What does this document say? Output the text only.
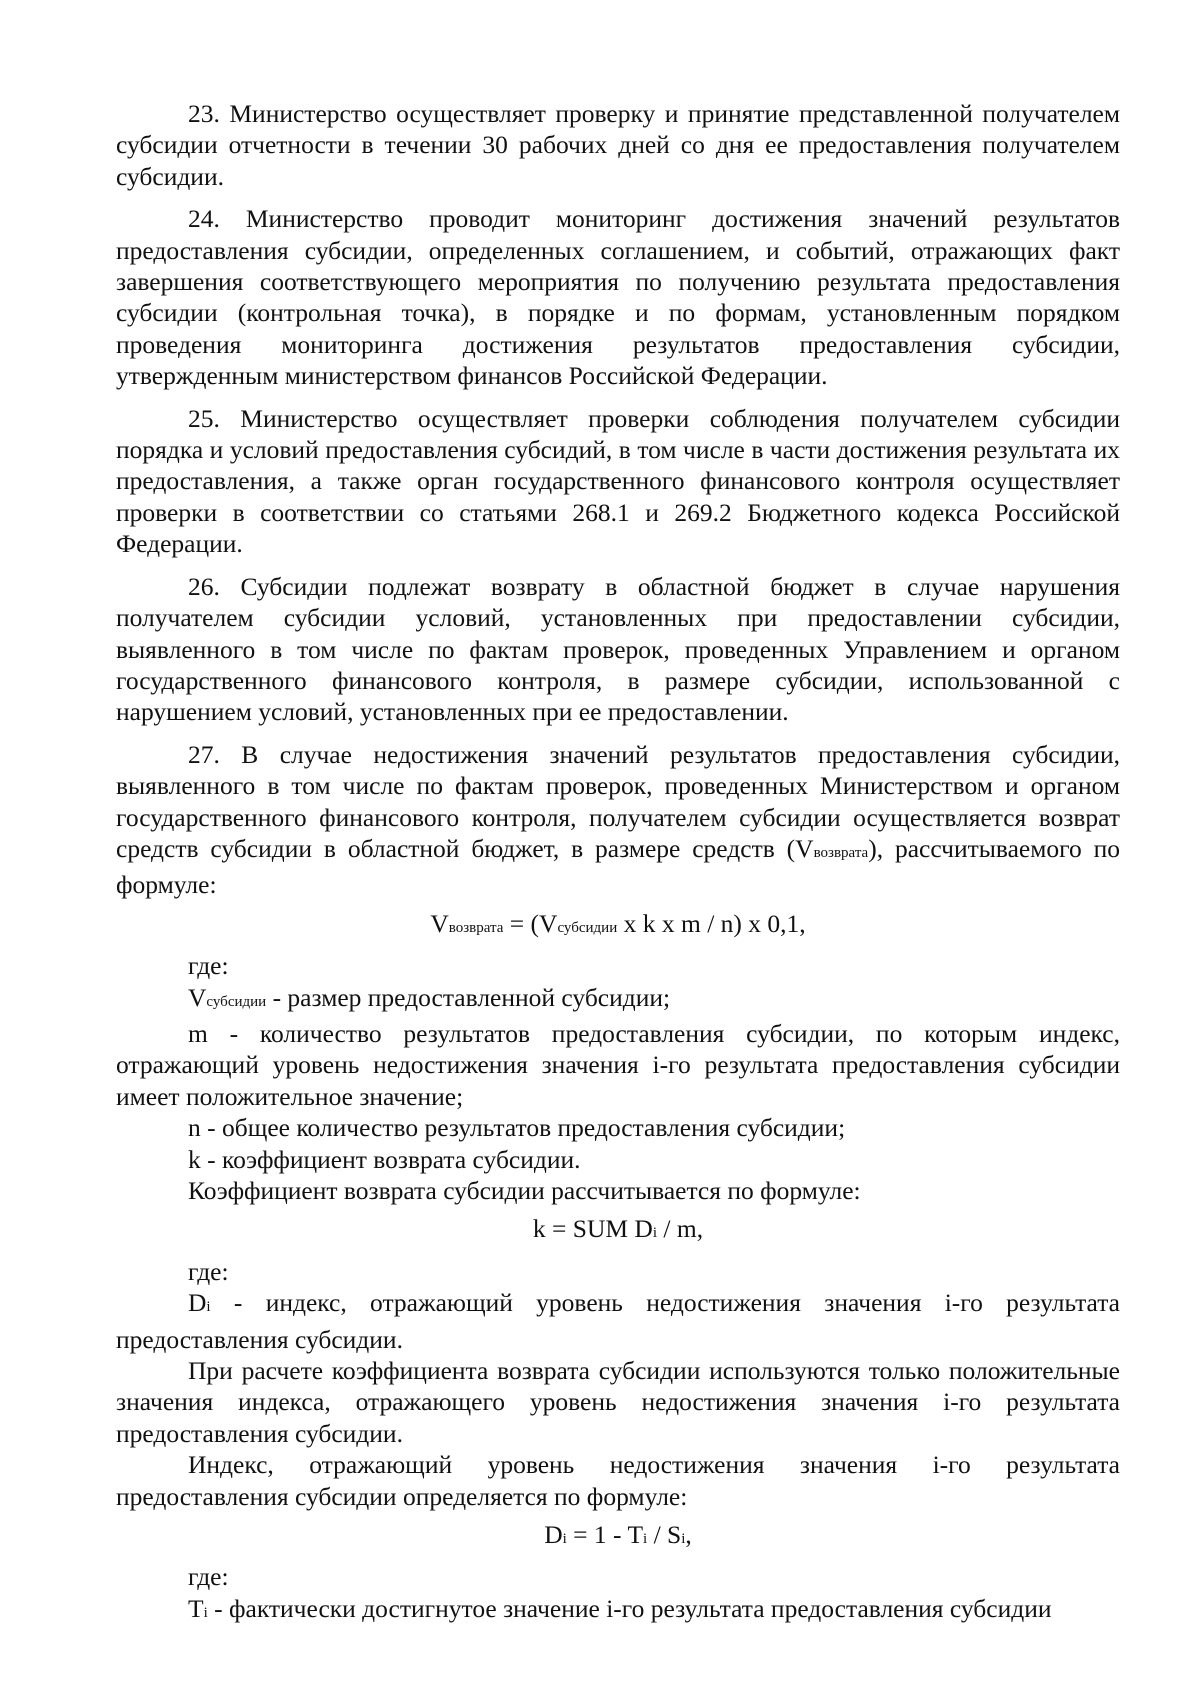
23. Министерство осуществляет проверку и принятие представленной получателем субсидии отчетности в течении 30 рабочих дней со дня ее предоставления получателем субсидии.

24. Министерство проводит мониторинг достижения значений результатов предоставления субсидии, определенных соглашением, и событий, отражающих факт завершения соответствующего мероприятия по получению результата предоставления субсидии (контрольная точка), в порядке и по формам, установленным порядком проведения мониторинга достижения результатов предоставления субсидии, утвержденным министерством финансов Российской Федерации.

25. Министерство осуществляет проверки соблюдения получателем субсидии порядка и условий предоставления субсидий, в том числе в части достижения результата их предоставления, а также орган государственного финансового контроля осуществляет проверки в соответствии со статьями 268.1 и 269.2 Бюджетного кодекса Российской Федерации.

26. Субсидии подлежат возврату в областной бюджет в случае нарушения получателем субсидии условий, установленных при предоставлении субсидии, выявленного в том числе по фактам проверок, проведенных Управлением и органом государственного финансового контроля, в размере субсидии, использованной с нарушением условий, установленных при ее предоставлении.

27. В случае недостижения значений результатов предоставления субсидии, выявленного в том числе по фактам проверок, проведенных Министерством и органом государственного финансового контроля, получателем субсидии осуществляется возврат средств субсидии в областной бюджет, в размере средств (Vвозврата), рассчитываемого по формуле:

Vвозврата = (Vсубсидии x k x m / n) x 0,1,

где:

Vсубсидии - размер предоставленной субсидии;

m - количество результатов предоставления субсидии, по которым индекс, отражающий уровень недостижения значения i-го результата предоставления субсидии имеет положительное значение;

n - общее количество результатов предоставления субсидии;

k - коэффициент возврата субсидии.

Коэффициент возврата субсидии рассчитывается по формуле:

k = SUM Di / m,

где:

Di - индекс, отражающий уровень недостижения значения i-го результата предоставления субсидии.

При расчете коэффициента возврата субсидии используются только положительные значения индекса, отражающего уровень недостижения значения i-го результата предоставления субсидии.

Индекс, отражающий уровень недостижения значения i-го результата предоставления субсидии определяется по формуле:

Di = 1 - Ti / Si,

где:

Ti - фактически достигнутое значение i-го результата предоставления субсидии
